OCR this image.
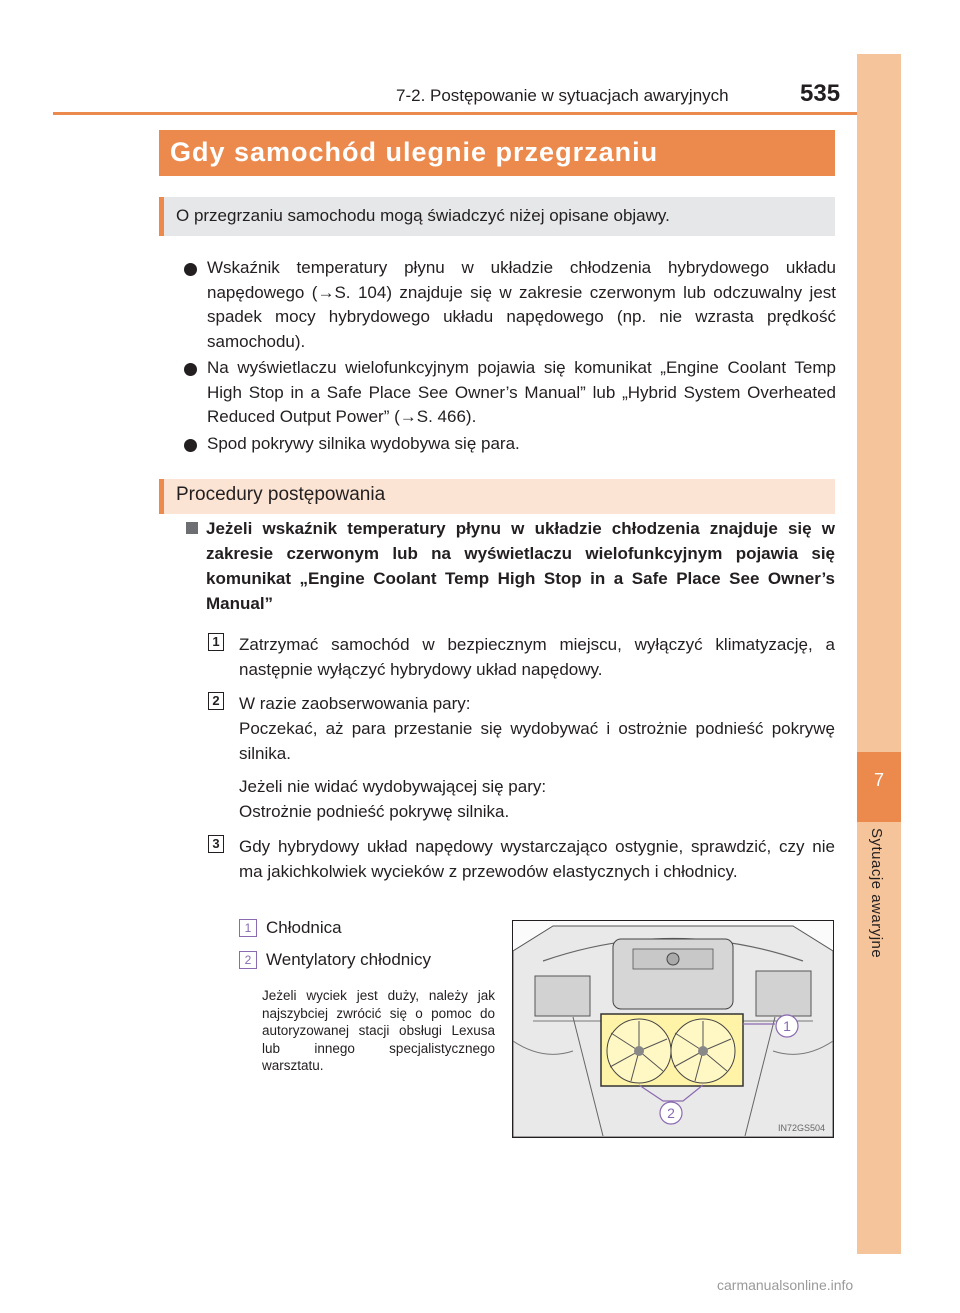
7
Sytuacje awaryjne
7-2. Postępowanie w sytuacjach awaryjnych	535
Gdy samochód ulegnie przegrzaniu
O przegrzaniu samochodu mogą świadczyć niżej opisane objawy.
Wskaźnik temperatury płynu w układzie chłodzenia hybrydowego układu napędowego (→S. 104) znajduje się w zakresie czerwonym lub odczuwalny jest spadek mocy hybrydowego układu napędowego (np. nie wzrasta prędkość samochodu).
Na wyświetlaczu wielofunkcyjnym pojawia się komunikat „Engine Coolant Temp High Stop in a Safe Place See Owner’s Manual” lub „Hybrid System Overheated Reduced Output Power” (→S. 466).
Spod pokrywy silnika wydobywa się para.
Procedury postępowania
Jeżeli wskaźnik temperatury płynu w układzie chłodzenia znajduje się w zakresie czerwonym lub na wyświetlaczu wielofunkcyjnym pojawia się komunikat „Engine Coolant Temp High Stop in a Safe Place See Owner’s Manual”
1 Zatrzymać samochód w bezpiecznym miejscu, wyłączyć klimatyzację, a następnie wyłączyć hybrydowy układ napędowy.

2 W razie zaobserwowania pary:

Poczekać, aż para przestanie się wydobywać i ostrożnie podnieść pokrywę silnika.

Jeżeli nie widać wydobywającej się pary:

Ostrożnie podnieść pokrywę silnika.

3 Gdy hybrydowy układ napędowy wystarczająco ostygnie, sprawdzić, czy nie ma jakichkolwiek wycieków z przewodów elastycznych i chłodnicy.

1 Chłodnica
2 Wentylatory chłodnicy
Jeżeli wyciek jest duży, należy jak najszybciej zwrócić się o pomoc do autoryzowanej stacji obsługi Lexusa lub innego specjalistycznego warsztatu.
1
2
IN72GS504
carmanualsonline.info
